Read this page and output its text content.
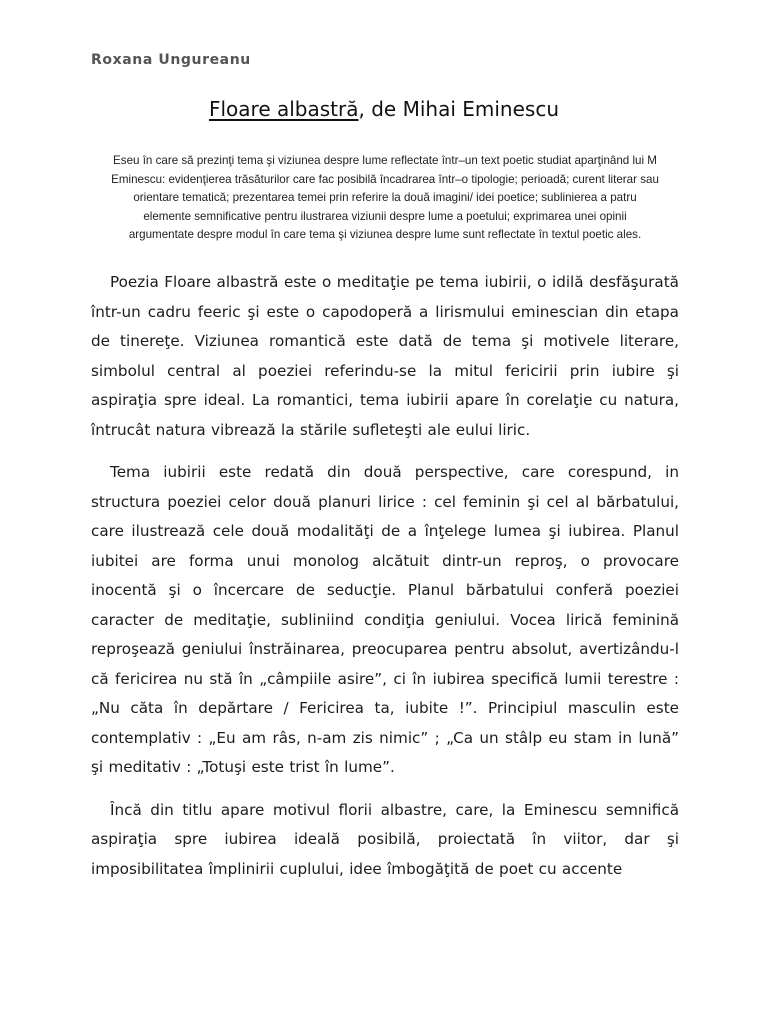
Roxana Ungureanu
Floare albastră, de Mihai Eminescu
Eseu în care să prezinţi tema şi viziunea despre lume reflectate într–un text poetic studiat aparţinând lui M Eminescu: evidenţierea trăsăturilor care fac posibilă încadrarea într–o tipologie; perioadă; curent literar sau orientare tematică; prezentarea temei prin referire la două imagini/ idei poetice; sublinierea a patru elemente semnificative pentru ilustrarea viziunii despre lume a poetului; exprimarea unei opinii argumentate despre modul în care tema şi viziunea despre lume sunt reflectate în textul poetic ales.

Poezia Floare albastră este o meditaţie pe tema iubirii, o idilă desfăşurată într-un cadru feeric şi este o capodoperă a lirismului eminescian din etapa de tinereţe. Viziunea romantică este dată de tema şi motivele literare, simbolul central al poeziei referindu-se la mitul fericirii prin iubire şi aspiraţia spre ideal. La romantici, tema iubirii apare în corelaţie cu natura, întrucât natura vibrează la stările sufleteşti ale eului liric.

Tema iubirii este redată din două perspective, care corespund, in structura poeziei celor două planuri lirice : cel feminin şi cel al bărbatului, care ilustrează cele două modalităţi de a înţelege lumea şi iubirea. Planul iubitei are forma unui monolog alcătuit dintr-un reproş, o provocare inocentă şi o încercare de seducţie. Planul bărbatului conferă poeziei caracter de meditaţie, subliniind condiţia geniului. Vocea lirică feminină reproşează geniului înstrăinarea, preocuparea pentru absolut, avertizându-l că fericirea nu stă în „câmpiile asire”, ci în iubirea specifică lumii terestre : „Nu căta în depărtare / Fericirea ta, iubite !”. Principiul masculin este contemplativ : „Eu am râs, n-am zis nimic” ; „Ca un stâlp eu stam in lună” şi meditativ : „Totuşi este trist în lume”.

Încă din titlu apare motivul florii albastre, care, la Eminescu semnifică aspiraţia spre iubirea ideală posibilă, proiectată în viitor, dar şi imposibilitatea împlinirii cuplului, idee îmbogăţită de poet cu accente
